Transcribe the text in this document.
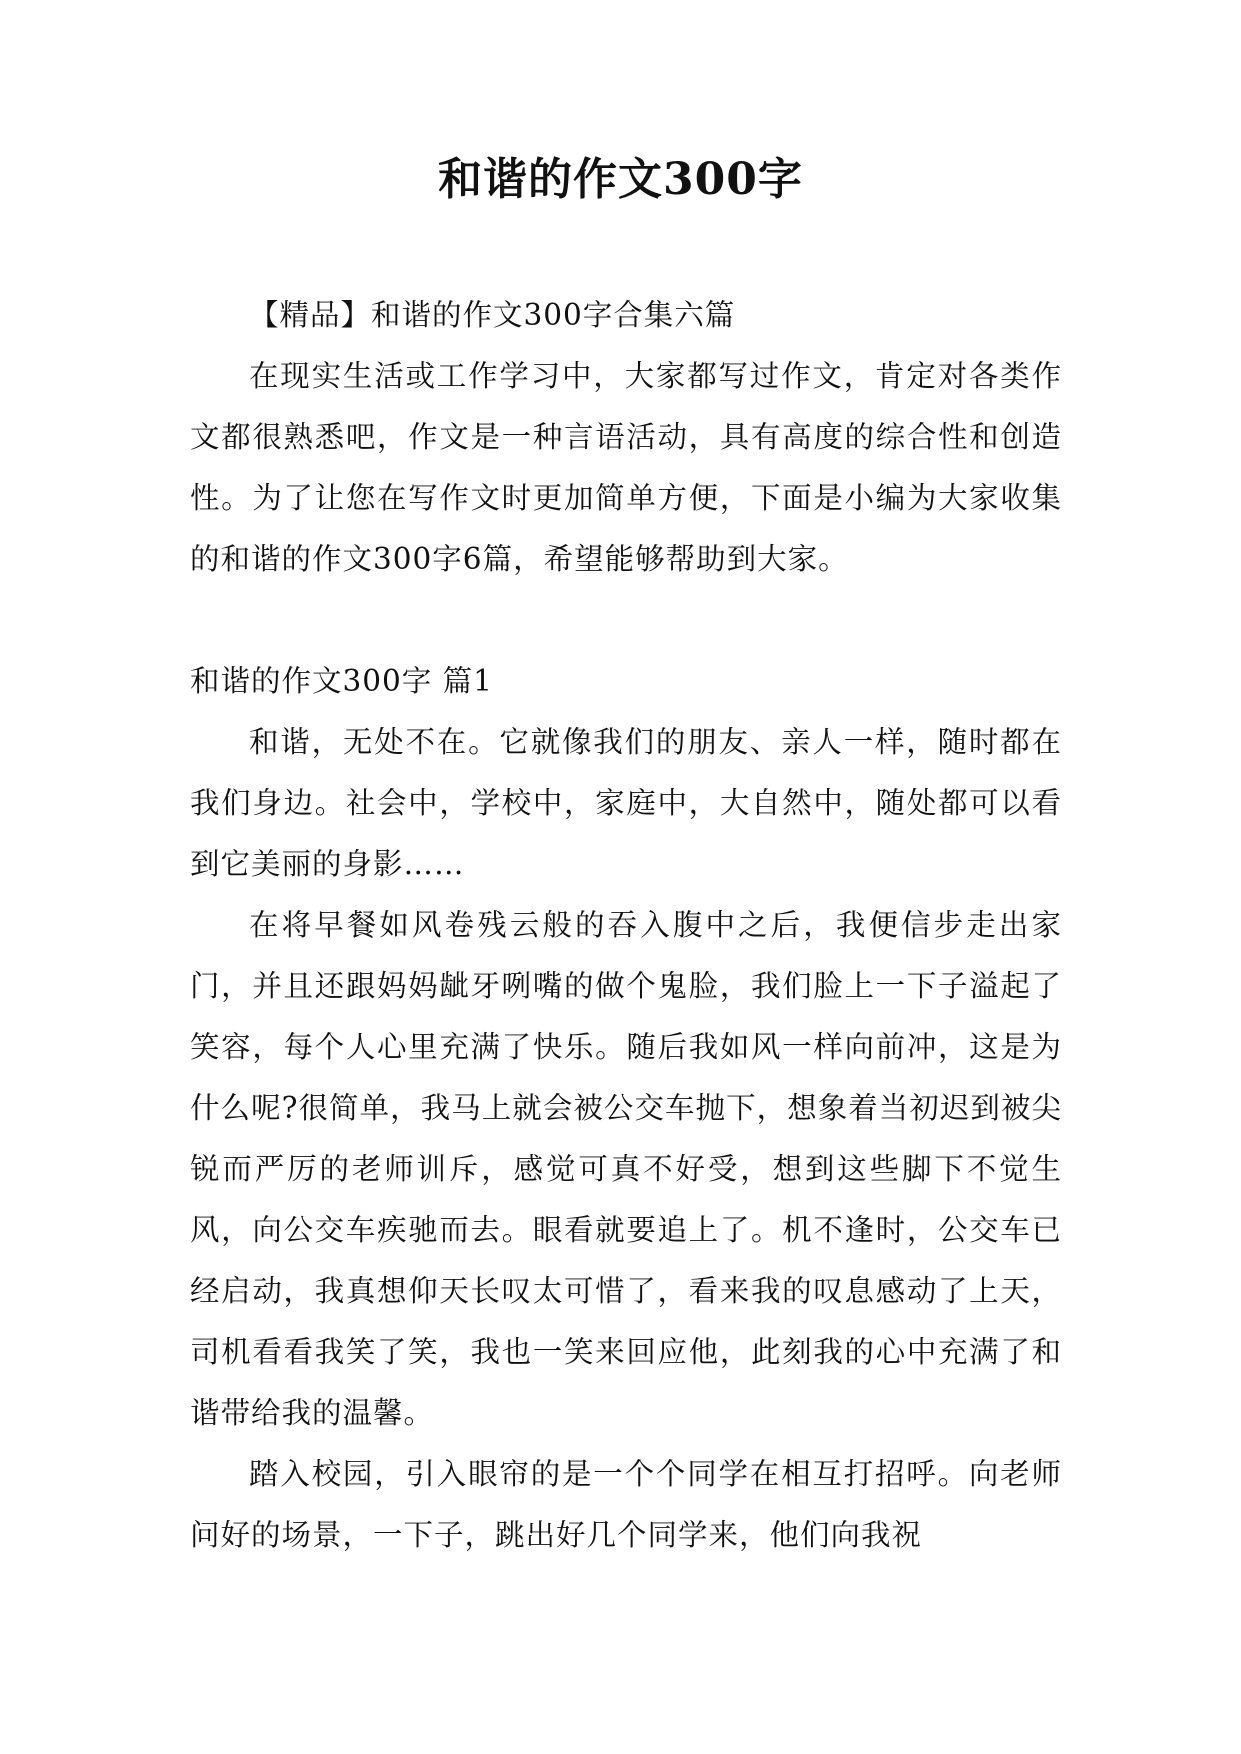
和谐的作文300字

【精品】和谐的作文300字合集六篇

在现实生活或工作学习中，大家都写过作文，肯定对各类作文都很熟悉吧，作文是一种言语活动，具有高度的综合性和创造性。为了让您在写作文时更加简单方便，下面是小编为大家收集的和谐的作文300字6篇，希望能够帮助到大家。

和谐的作文300字 篇1

和谐，无处不在。它就像我们的朋友、亲人一样，随时都在我们身边。社会中，学校中，家庭中，大自然中，随处都可以看到它美丽的身影……

在将早餐如风卷残云般的吞入腹中之后，我便信步走出家门，并且还跟妈妈龇牙咧嘴的做个鬼脸，我们脸上一下子溢起了笑容，每个人心里充满了快乐。随后我如风一样向前冲，这是为什么呢?很简单，我马上就会被公交车抛下，想象着当初迟到被尖锐而严厉的老师训斥，感觉可真不好受，想到这些脚下不觉生风，向公交车疾驰而去。眼看就要追上了。机不逢时，公交车已经启动，我真想仰天长叹太可惜了，看来我的叹息感动了上天，司机看看我笑了笑，我也一笑来回应他，此刻我的心中充满了和谐带给我的温馨。

踏入校园，引入眼帘的是一个个同学在相互打招呼。向老师问好的场景，一下子，跳出好几个同学来，他们向我祝
